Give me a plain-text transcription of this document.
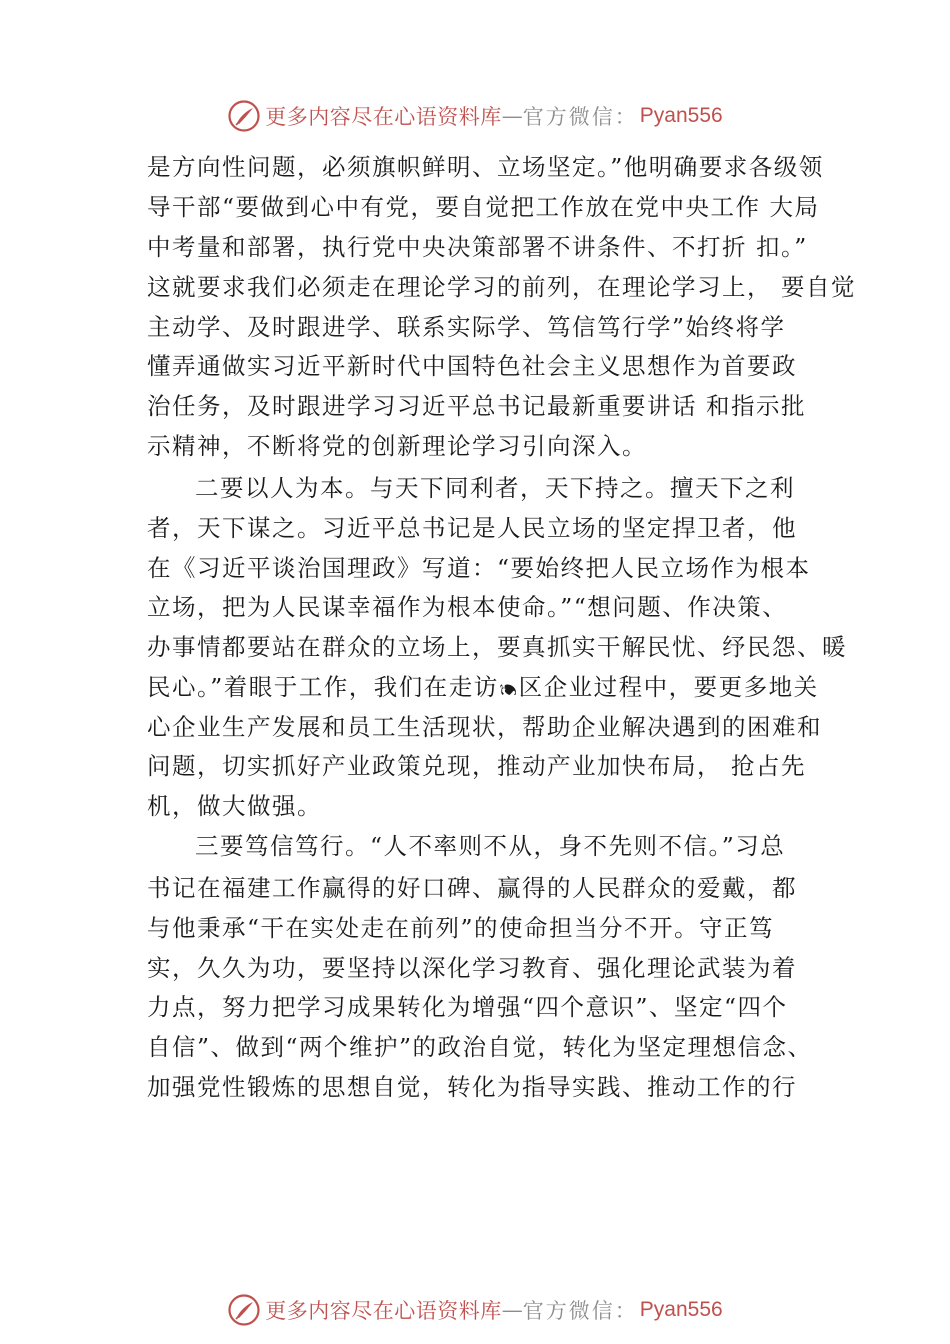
更多内容尽在心语资料库 — 官方微信： Pyan556
是方向性问题，必须旗帜鲜明、立场坚定。”他明确要求各级领
导干部“要做到心中有党，要自觉把工作放在党中央工作 大局
中考量和部署，执行党中央决策部署不讲条件、不打折 扣。”
这就要求我们必须走在理论学习的前列，在理论学习上， 要自觉
主动学、及时跟进学、联系实际学、笃信笃行学”始终将学
懂弄通做实习近平新时代中国特色社会主义思想作为首要政
治任务，及时跟进学习习近平总书记最新重要讲话 和指示批
示精神，不断将党的创新理论学习引向深入。
二要以人为本。与天下同利者，天下持之。擅天下之利
者，天下谋之。习近平总书记是人民立场的坚定捍卫者，他
在《习近平谈治国理政》写道：“要始终把人民立场作为根本
立场，把为人民谋幸福作为根本使命。”“想问题、作决策、
办事情都要站在群众的立场上，要真抓实干解民忧、纾民怨、暖
民心。”着眼于工作，我们在走访🙔区企业过程中，要更多地关
心企业生产发展和员工生活现状，帮助企业解决遇到的困难和
问题，切实抓好产业政策兑现，推动产业加快布局， 抢占先
机，做大做强。
三要笃信笃行。“人不率则不从，身不先则不信。”习总
书记在福建工作赢得的好口碑、赢得的人民群众的爱戴，都
与他秉承“干在实处走在前列”的使命担当分不开。守正笃
实，久久为功，要坚持以深化学习教育、强化理论武装为着
力点，努力把学习成果转化为增强“四个意识”、坚定“四个
自信”、做到“两个维护”的政治自觉，转化为坚定理想信念、
加强党性锻炼的思想自觉，转化为指导实践、推动工作的行
更多内容尽在心语资料库 — 官方微信： Pyan556
